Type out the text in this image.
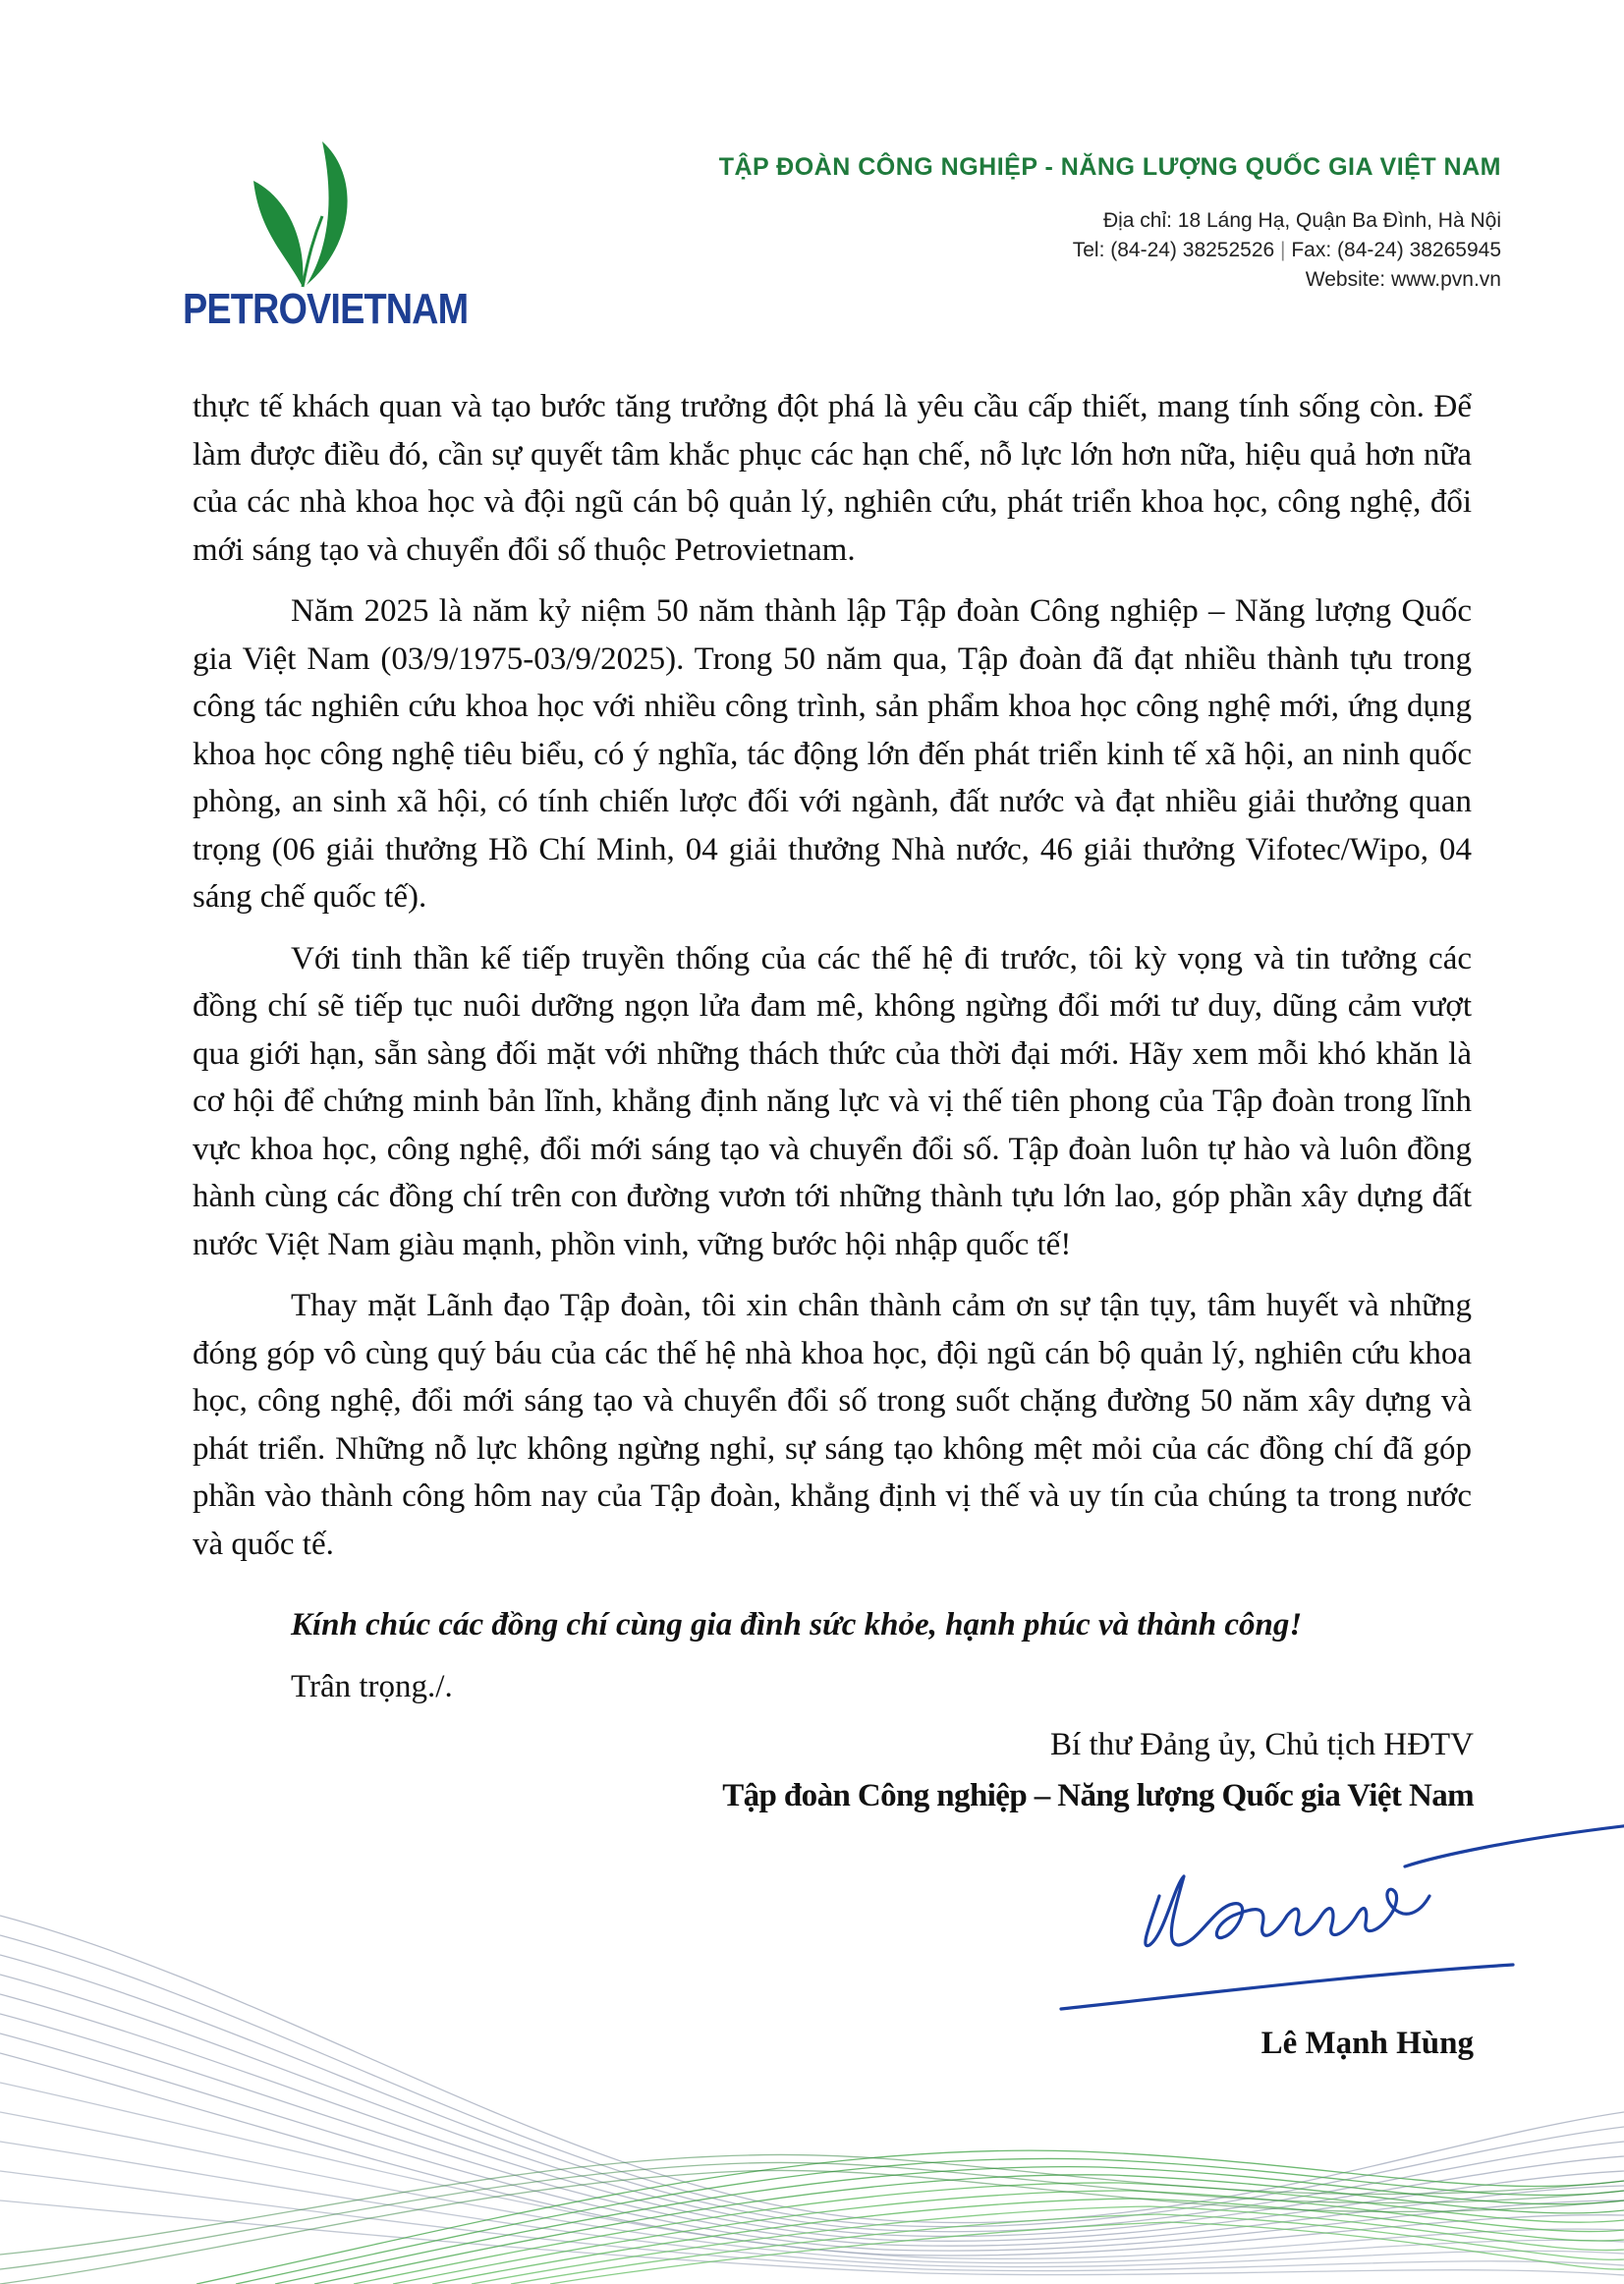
PETROVIETNAM
TẬP ĐOÀN CÔNG NGHIỆP - NĂNG LƯỢNG QUỐC GIA VIỆT NAM
Địa chỉ: 18 Láng Hạ, Quận Ba Đình, Hà Nội
Tel: (84-24) 38252526 | Fax: (84-24) 38265945
Website: www.pvn.vn

thực tế khách quan và tạo bước tăng trưởng đột phá là yêu cầu cấp thiết, mang tính sống còn. Để làm được điều đó, cần sự quyết tâm khắc phục các hạn chế, nỗ lực lớn hơn nữa, hiệu quả hơn nữa của các nhà khoa học và đội ngũ cán bộ quản lý, nghiên cứu, phát triển khoa học, công nghệ, đổi mới sáng tạo và chuyển đổi số thuộc Petrovietnam.

Năm 2025 là năm kỷ niệm 50 năm thành lập Tập đoàn Công nghiệp – Năng lượng Quốc gia Việt Nam (03/9/1975-03/9/2025). Trong 50 năm qua, Tập đoàn đã đạt nhiều thành tựu trong công tác nghiên cứu khoa học với nhiều công trình, sản phẩm khoa học công nghệ mới, ứng dụng khoa học công nghệ tiêu biểu, có ý nghĩa, tác động lớn đến phát triển kinh tế xã hội, an ninh quốc phòng, an sinh xã hội, có tính chiến lược đối với ngành, đất nước và đạt nhiều giải thưởng quan trọng (06 giải thưởng Hồ Chí Minh, 04 giải thưởng Nhà nước, 46 giải thưởng Vifotec/Wipo, 04 sáng chế quốc tế).

Với tinh thần kế tiếp truyền thống của các thế hệ đi trước, tôi kỳ vọng và tin tưởng các đồng chí sẽ tiếp tục nuôi dưỡng ngọn lửa đam mê, không ngừng đổi mới tư duy, dũng cảm vượt qua giới hạn, sẵn sàng đối mặt với những thách thức của thời đại mới. Hãy xem mỗi khó khăn là cơ hội để chứng minh bản lĩnh, khẳng định năng lực và vị thế tiên phong của Tập đoàn trong lĩnh vực khoa học, công nghệ, đổi mới sáng tạo và chuyển đổi số. Tập đoàn luôn tự hào và luôn đồng hành cùng các đồng chí trên con đường vươn tới những thành tựu lớn lao, góp phần xây dựng đất nước Việt Nam giàu mạnh, phồn vinh, vững bước hội nhập quốc tế!

Thay mặt Lãnh đạo Tập đoàn, tôi xin chân thành cảm ơn sự tận tụy, tâm huyết và những đóng góp vô cùng quý báu của các thế hệ nhà khoa học, đội ngũ cán bộ quản lý, nghiên cứu khoa học, công nghệ, đổi mới sáng tạo và chuyển đổi số trong suốt chặng đường 50 năm xây dựng và phát triển. Những nỗ lực không ngừng nghỉ, sự sáng tạo không mệt mỏi của các đồng chí đã góp phần vào thành công hôm nay của Tập đoàn, khẳng định vị thế và uy tín của chúng ta trong nước và quốc tế.

Kính chúc các đồng chí cùng gia đình sức khỏe, hạnh phúc và thành công!
Trân trọng./.
Bí thư Đảng ủy, Chủ tịch HĐTV
Tập đoàn Công nghiệp – Năng lượng Quốc gia Việt Nam
Lê Mạnh Hùng
